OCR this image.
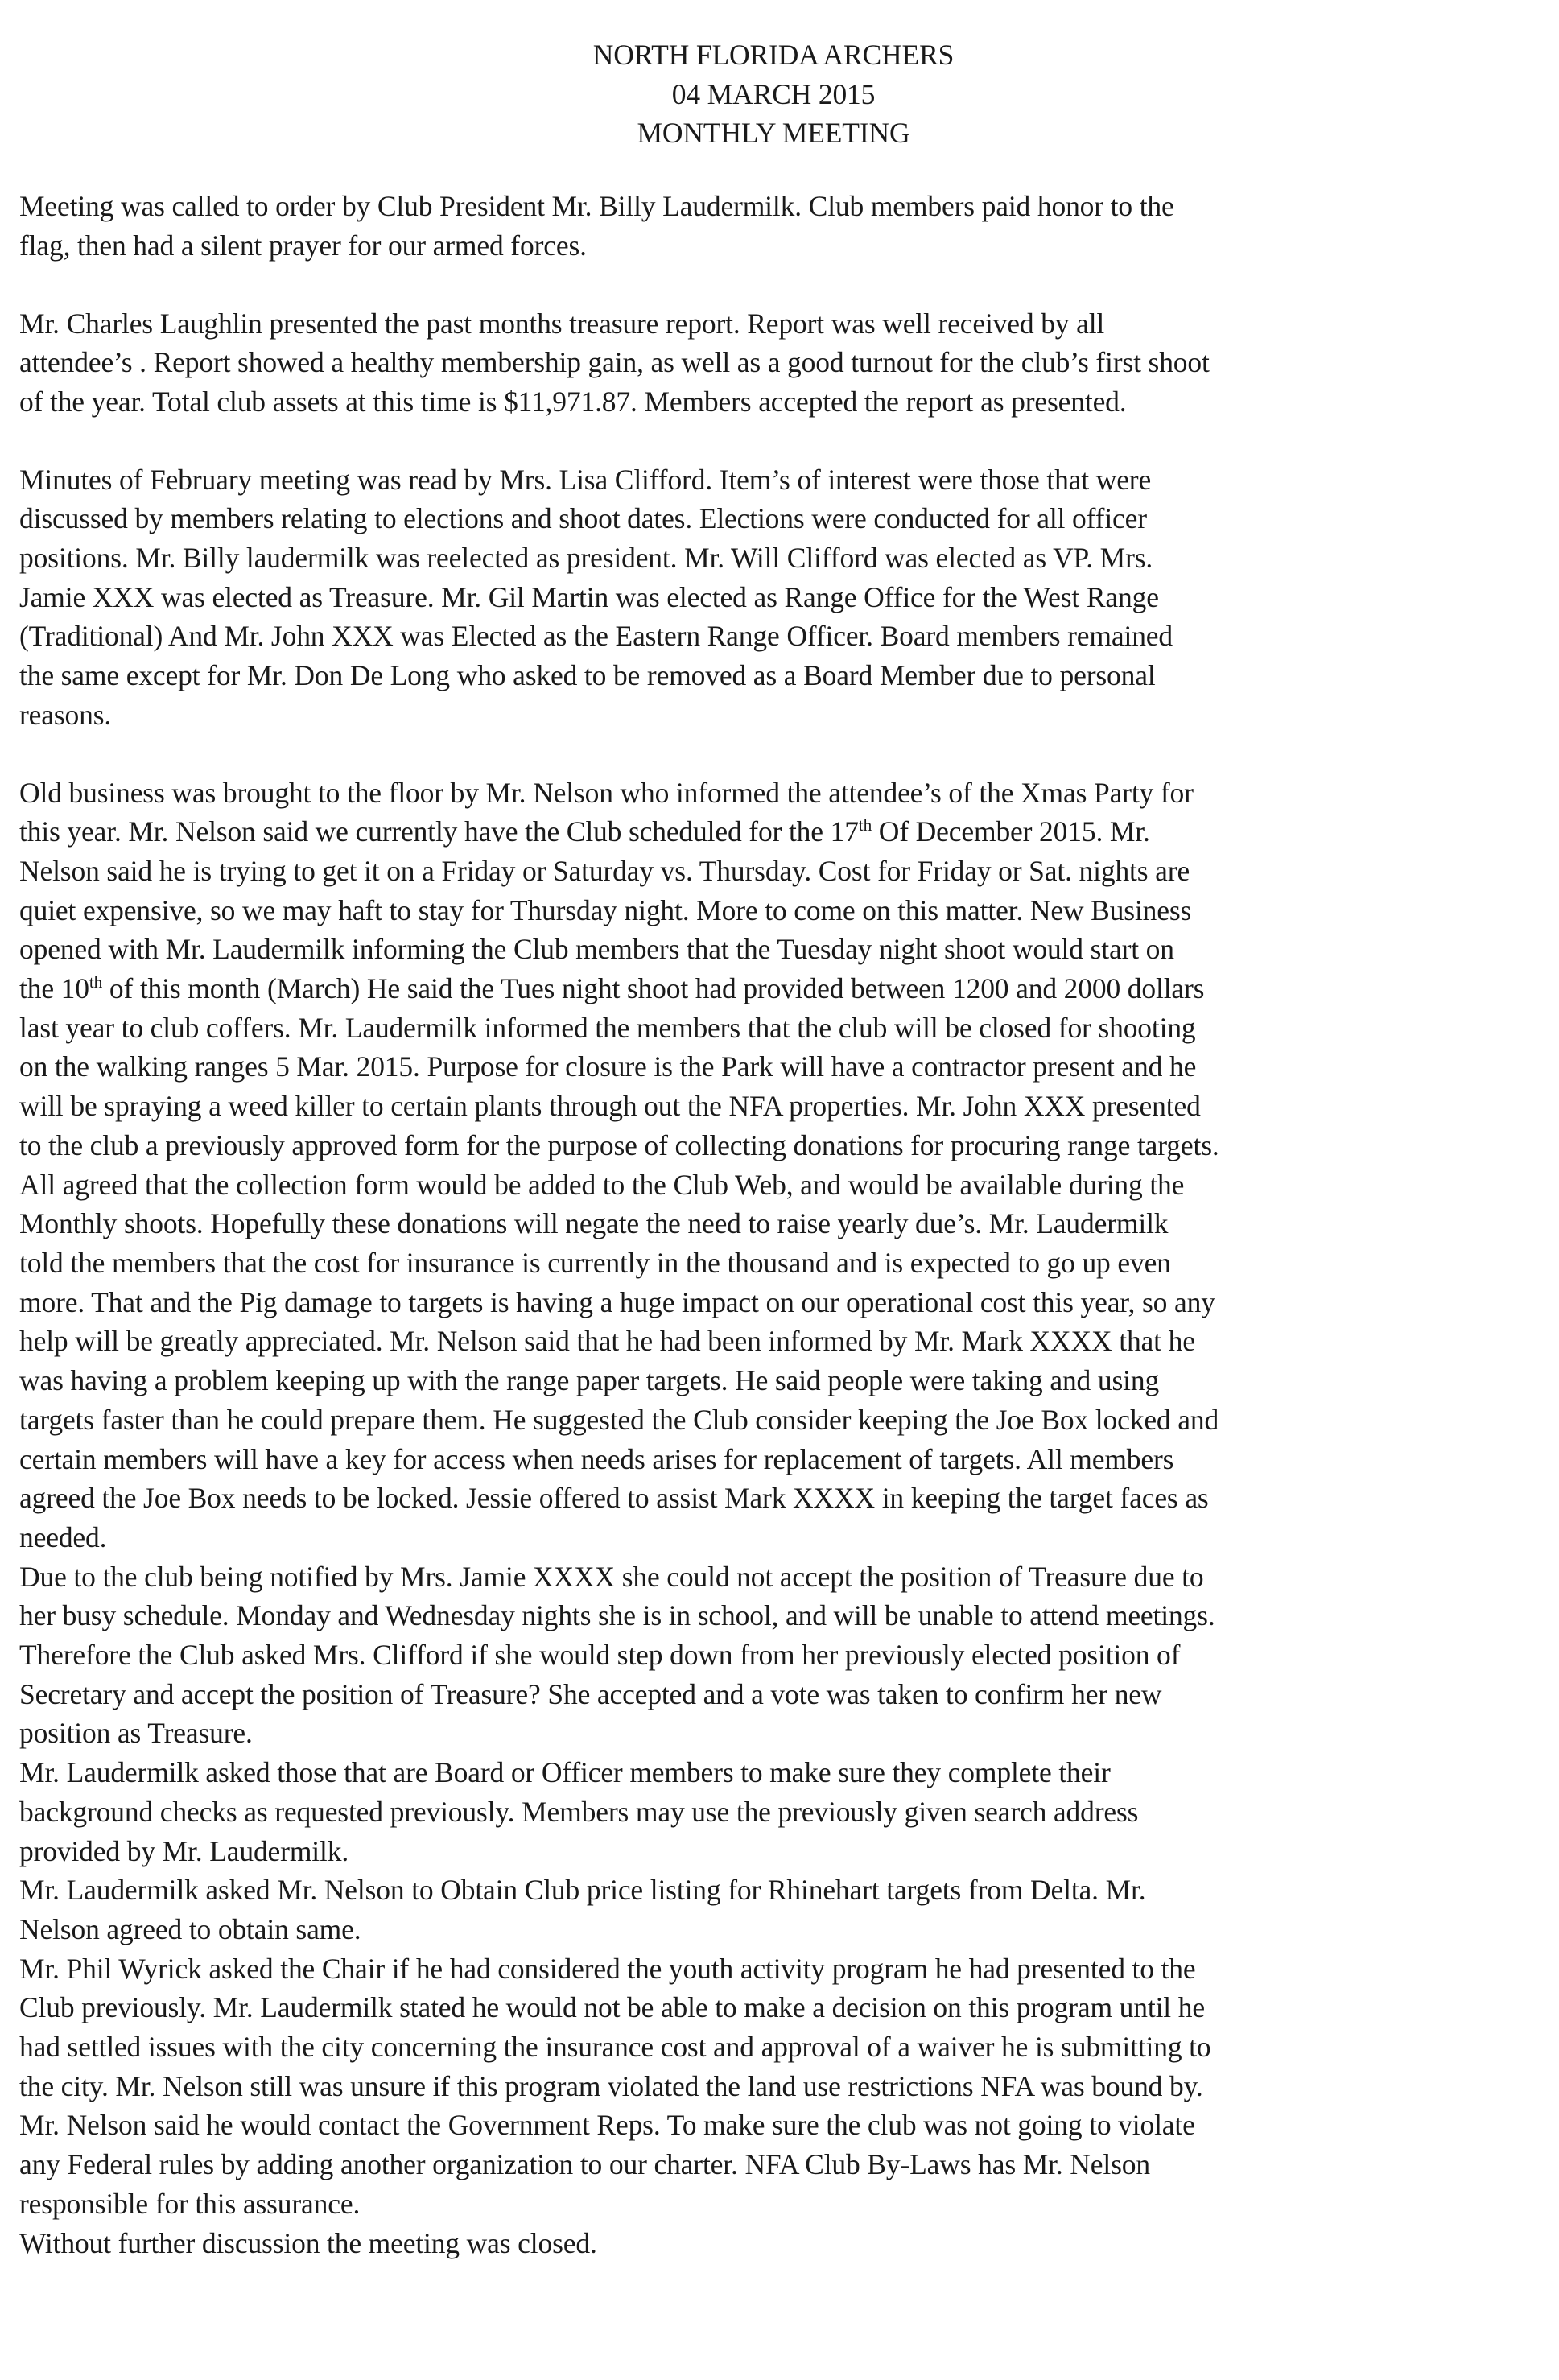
NORTH FLORIDA ARCHERS
04 MARCH 2015
MONTHLY MEETING
Meeting was called to order by Club President Mr. Billy Laudermilk. Club members paid honor to the
flag, then had a silent prayer for our armed forces.
Mr. Charles Laughlin presented the past months treasure report. Report was well received by all
attendee’s . Report showed a healthy membership gain, as well as a good turnout for the club’s first shoot
of the year. Total club assets at this time is $11,971.87. Members accepted the report as presented.
Minutes of February meeting was read by Mrs. Lisa Clifford. Item’s of interest were those that were
discussed by members relating to elections and shoot dates. Elections were conducted for all officer
positions. Mr. Billy laudermilk was reelected as president. Mr. Will Clifford was elected as VP. Mrs.
Jamie XXX was elected as Treasure. Mr. Gil Martin was elected as Range Office for the West Range
(Traditional) And Mr. John XXX was Elected as the Eastern Range Officer. Board members remained
the same except for Mr. Don De Long who asked to be removed as a Board Member due to personal
reasons.
Old business was brought to the floor by Mr. Nelson who informed the attendee’s of the Xmas Party for
this year. Mr. Nelson said we currently have the Club scheduled for the 17th Of December 2015. Mr.
Nelson said he is trying to get it on a Friday or Saturday vs. Thursday. Cost for Friday or Sat. nights are
quiet expensive, so we may haft to stay for Thursday night. More to come on this matter. New Business
opened with Mr. Laudermilk informing the Club members that the Tuesday night shoot would start on
the 10th of this month (March) He said the Tues night shoot had provided between 1200 and 2000 dollars
last year to club coffers. Mr. Laudermilk informed the members that the club will be closed for shooting
on the walking ranges 5 Mar. 2015. Purpose for closure is the Park will have a contractor present and he
will be spraying a weed killer to certain plants through out the NFA properties. Mr. John XXX presented
to the club a previously approved form for the purpose of collecting donations for procuring range targets.
All agreed that the collection form would be added to the Club Web, and would be available during the
Monthly shoots. Hopefully these donations will negate the need to raise yearly due’s. Mr. Laudermilk
told the members that the cost for insurance is currently in the thousand and is expected to go up even
more. That and the Pig damage to targets is having a huge impact on our operational cost this year, so any
help will be greatly appreciated. Mr. Nelson said that he had been informed by Mr. Mark XXXX that he
was having a problem keeping up with the range paper targets. He said people were taking and using
targets faster than he could prepare them. He suggested the Club consider keeping the Joe Box locked and
certain members will have a key for access when needs arises for replacement of targets. All members
agreed the Joe Box needs to be locked. Jessie offered to assist Mark XXXX in keeping the target faces as
needed.
Due to the club being notified by Mrs. Jamie XXXX she could not accept the position of Treasure due to
her busy schedule. Monday and Wednesday nights she is in school, and will be unable to attend meetings.
Therefore the Club asked Mrs. Clifford if she would step down from her previously elected position of
Secretary and accept the position of Treasure? She accepted and a vote was taken to confirm her new
position as Treasure.
Mr. Laudermilk asked those that are Board or Officer members to make sure they complete their
background checks as requested previously. Members may use the previously given search address
provided by Mr. Laudermilk.
Mr. Laudermilk asked Mr. Nelson to Obtain Club price listing for Rhinehart targets from Delta. Mr.
Nelson agreed to obtain same.
Mr. Phil Wyrick asked the Chair if he had considered the youth activity program he had presented to the
Club previously. Mr. Laudermilk stated he would not be able to make a decision on this program until he
had settled issues with the city concerning the insurance cost and approval of a waiver he is submitting to
the city. Mr. Nelson still was unsure if this program violated the land use restrictions NFA was bound by.
Mr. Nelson said he would contact the Government Reps. To make sure the club was not going to violate
any Federal rules by adding another organization to our charter. NFA Club By-Laws has Mr. Nelson
responsible for this assurance.
Without further discussion the meeting was closed.
